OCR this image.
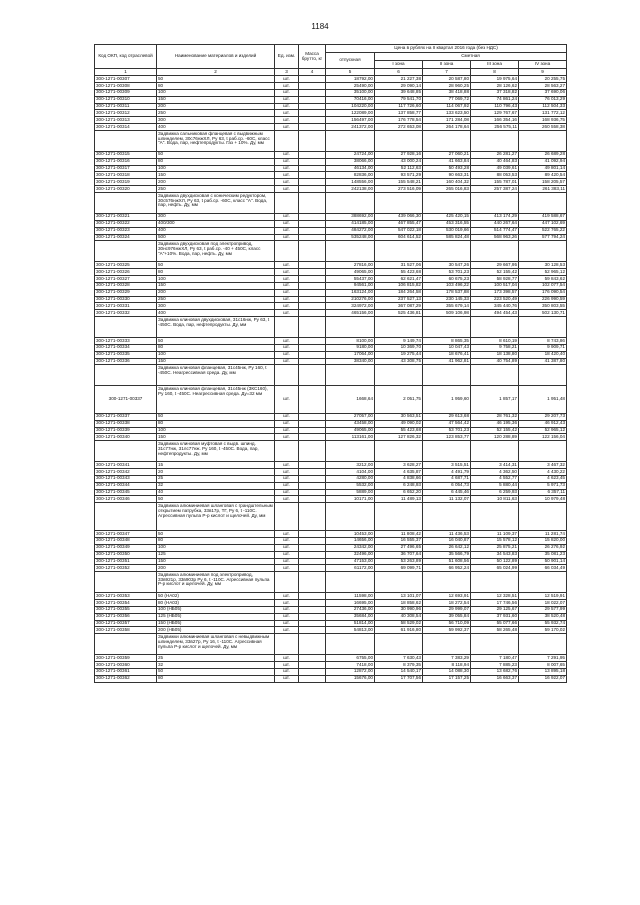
1184
Код ОКП, код отраслевой	Наименование материалов и изделий	Ед. изм.	Масса брутто, кг	Цена в рублях на II квартал 2016 года (без НДС)				
				отпускная	Сметная			
					I зона	II зона	III зона	IV зона
1	2	3	4	5	6	7	8	9
300-1271-00307	50	шт.		18792,00	21 227,38	20 587,80	19 975,64	20 255,75
300-1271-00308	80	шт.		25490,00	29 090,14	28 960,25	28 126,62	28 563,27
300-1271-00309	100	шт.		35100,00	39 648,85	38 418,88	37 318,82	37 690,06
300-1271-00310	150	шт.		70416,00	79 541,70	77 069,72	74 861,24	76 013,29
300-1271-00311	200	шт.		104220,00	117 726,60	114 067,92	110 796,43	112 504,33
300-1271-00312	250	шт.		122089,00	137 858,77	133 623,50	129 767,67	131 772,12
300-1271-00313	300	шт.		156497,00	176 778,54	171 284,08	166 354,16	168 936,75
300-1271-00314	400	шт.		241372,00	272 653,08	264 178,64	256 575,11	260 558,38
	Задвижка сальниковая фланцевая с выдвижным шпинделем, 30с76нжХЛ, Ру 63, t раб.ср. -60С, класс "А". Вода, пар, нефтепродукты. Газ + 10%. Ду, мм							
300-1271-00315	50	шт.		24724,00	27 928,16	27 060,21	26 281,27	26 689,28
300-1271-00316	80	шт.		38066,00	43 000,24	41 663,84	40 464,83	41 092,94
300-1271-00317	100	шт.		46134,00	52 112,63	50 493,28	49 039,61	49 801,14
300-1271-00318	150	шт.		82836,00	93 571,29	90 663,31	88 053,53	89 420,54
300-1271-00319	200	шт.		148556,00	155 548,21	160 404,32	155 787,01	158 205,57
300-1271-00320	250	шт.		242138,00	273 516,09	265 016,83	257 387,24	261 383,11
	Задвижка двухдисковая с коническим редуктором, 30с576нжХЛ, Ру 63, t раб.ср. -60С, класс "А". Вода, пар, нефть. Ду, мм							
300-1271-00321	300	шт.		388692,00	439 066,30	425 420,15	413 174,29	419 588,67
300-1271-00322	400/300	шт.		414185,00	467 855,47	453 316,55	440 267,64	447 102,69
300-1271-00323	400	шт.		484272,00	547 022,18	530 019,66	514 774,47	522 765,22
300-1271-00324	500	шт.		535248,00	604 614,52	585 824,48	568 963,26	577 794,24
	Задвижка двухдисковая под электропривод, 30нс976нжХЛ, Ру 63, t раб.ср. -40 + 450С, класс "А"+10%. Вода, пар, нефть. Ду, мм							
300-1271-00325	50	шт.		27816,00	31 527,06	30 547,26	29 667,95	30 128,53
300-1271-00326	80	шт.		49065,00	55 423,68	53 701,23	52 155,42	52 965,12
300-1271-00327	100	шт.		55437,00	62 621,47	60 675,23	58 928,77	59 843,62
300-1271-00328	150	шт.		94561,00	106 815,82	103 496,22	100 517,04	102 077,54
300-1271-00329	200	шт.		163124,00	184 264,58	178 537,88	173 398,57	176 090,54
300-1271-00330	250	шт.		210276,00	237 527,13	230 145,33	223 520,49	226 990,59
300-1271-00331	300	шт.		324972,00	367 087,29	355 679,14	345 440,76	350 803,55
300-1271-00332	400	шт.		465156,00	525 436,81	509 106,98	494 454,43	502 130,71
	Задвижка клиновая двухдисковая, 31с16нж, Ру 63, t -450С. Вода, пар, нефтепродукты. Ду, мм							
300-1271-00333	50	шт.		8100,00	9 149,74	8 865,35	8 610,19	8 743,86
300-1271-00334	80	шт.		9180,00	10 369,70	10 047,43	9 758,21	9 909,71
300-1271-00335	100	шт.		17064,00	19 275,44	18 676,41	18 138,80	18 420,40
300-1271-00336	150	шт.		38340,00	43 308,75	41 962,81	40 754,89	41 387,80
	Задвижка клиновая фланцевая, 31с45нж, Ру 160, t -450С. Неагрессивная среда. Ду, мм							
300-1271-00337	Задвижка клиновая фланцевая, 31с45нж (ЗКС160), Ру 160, t -450С. Неагрессивная среда. Ду=32 мм	шт.		1668,64	2 051,75	1 959,60	1 857,17	1 951,48
300-1271-00337	50	шт.		27057,00	30 563,51	29 613,68	28 761,32	29 207,73
300-1271-00338	80	шт.		43458,00	49 090,02	47 564,42	46 195,36	46 912,43
300-1271-00339	100	шт.		49065,00	55 423,68	53 701,23	52 155,42	52 965,12
300-1271-00340	150	шт.		113161,00	127 826,32	123 853,77	120 288,89	122 156,04
	Задвижка клиновая муфтовая с выдв. шпинд. 31с77нж, 31лс77нж. Ру 160, t -450С. Вода, пар, нефтепродукты. Ду, мм							
300-1271-00341	15	шт.		3212,00	3 628,27	3 515,51	3 414,31	3 467,32
300-1271-00342	20	шт.		4104,00	4 635,87	4 491,79	4 362,50	4 430,22
300-1271-00343	25	шт.		4280,00	4 838,66	4 687,71	4 552,77	4 623,45
300-1271-00344	32	шт.		5532,00	6 248,93	6 054,73	5 880,44	5 971,73
300-1271-00345	40	шт.		5889,00	6 652,20	6 445,46	6 259,93	6 357,11
300-1271-00346	50	шт.		10171,00	11 489,13	11 132,07	10 811,63	10 979,48
	Задвижка алюминиевая шланговая с грандштельным открытием патрубка, 33в17р, ТГ, Ру 6, t -110С. Агрессивная пульпа Р-р кислот и щелочей. Ду, мм							
300-1271-00347	50	шт.		10453,00	11 808,42	11 436,53	11 109,37	11 281,74
300-1271-00348	80	шт.		14656,00	16 555,37	16 040,87	15 578,12	15 820,00
300-1271-00349	100	шт.		24342,00	27 496,65	26 642,12	25 875,21	26 276,92
300-1271-00350	125	шт.		32496,00	36 707,64	35 566,79	34 543,83	35 081,23
300-1271-00351	150	шт.		47153,00	53 263,89	51 608,56	50 122,89	50 901,14
300-1271-00352	200	шт.		61172,00	69 099,71	66 952,24	65 024,99	66 034,49
	Задвижка алюминиевая под электропривод, 33в921р, 33в903р Ру 6, t -110С. Агрессивная пульпа Р-р кислот и щелочей. Ду, мм							
300-1271-00353	50 (НА02)	шт.		11598,00	13 101,07	12 693,91	12 328,51	12 519,91
300-1271-00354	80 (НА03)	шт.		16695,00	18 858,62	18 272,54	17 746,56	18 022,07
300-1271-00355	100 (НБ05)	шт.		27436,00	30 990,96	29 999,07	29 125,67	29 577,99
300-1271-00356	125 (НБ05)	шт.		35684,00	40 308,54	39 055,84	37 931,60	38 520,48
300-1271-00357	150 (НБ05)	шт.		51814,00	58 529,02	56 710,09	55 077,66	55 932,74
300-1271-00358	200 (НБ05)	шт.		54813,00	61 916,80	59 992,37	58 265,48	59 170,02
	Задвижки алюминиевая шланговая с невыдвижным шпинделем, 33в27р, Ру 16, t -110С. Агрессивная пульпа Р-р кислот и щелочей. Ду, мм							
300-1271-00359	25	шт.		6755,00	7 630,43	7 383,29	7 180,47	7 291,95
300-1271-00360	32	шт.		7418,00	8 379,35	8 118,94	7 885,23	8 007,65
300-1271-00361	50	шт.		12872,00	14 540,17	14 088,30	13 682,76	13 895,18
300-1271-00362	80	шт.		15676,00	17 707,56	17 157,25	16 663,37	16 922,07
